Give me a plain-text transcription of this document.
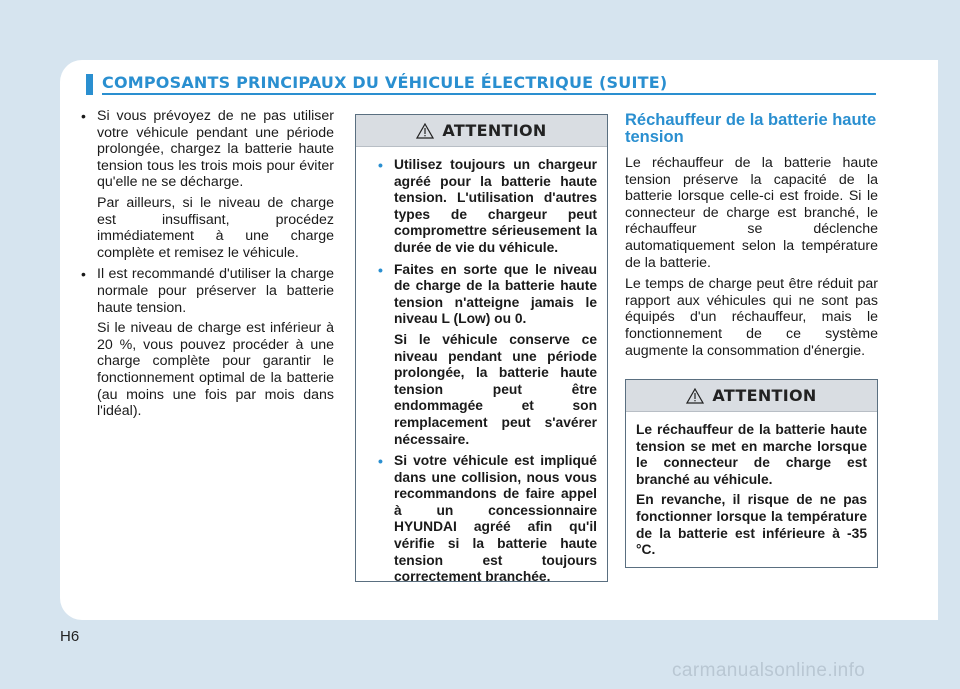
COMPOSANTS PRINCIPAUX DU VÉHICULE ÉLECTRIQUE (SUITE)
• Si vous prévoyez de ne pas utiliser votre véhicule pendant une période prolongée, chargez la batterie haute tension tous les trois mois pour éviter qu'elle ne se décharge.

Par ailleurs, si le niveau de charge est insuffisant, procédez immédiatement à une charge complète et remisez le véhicule.

• Il est recommandé d'utiliser la charge normale pour préserver la batterie haute tension.

Si le niveau de charge est inférieur à 20 %, vous pouvez procéder à une charge complète pour garantir le fonctionnement optimal de la batterie (au moins une fois par mois dans l'idéal).

ATTENTION
• Utilisez toujours un chargeur agréé pour la batterie haute tension. L'utilisation d'autres types de chargeur peut compromettre sérieusement la durée de vie du véhicule.

• Faites en sorte que le niveau de charge de la batterie haute tension n'atteigne jamais le niveau L (Low) ou 0.

Si le véhicule conserve ce niveau pendant une période prolongée, la batterie haute tension peut être endommagée et son remplacement peut s'avérer nécessaire.

• Si votre véhicule est impliqué dans une collision, nous vous recommandons de faire appel à un concessionnaire HYUNDAI agréé afin qu'il vérifie si la batterie haute tension est toujours correctement branchée.

Réchauffeur de la batterie haute tension

Le réchauffeur de la batterie haute tension préserve la capacité de la batterie lorsque celle-ci est froide. Si le connecteur de charge est branché, le réchauffeur se déclenche automatiquement selon la température de la batterie.

Le temps de charge peut être réduit par rapport aux véhicules qui ne sont pas équipés d'un réchauffeur, mais le fonctionnement de ce système augmente la consommation d'énergie.

ATTENTION

Le réchauffeur de la batterie haute tension se met en marche lorsque le connecteur de charge est branché au véhicule.

En revanche, il risque de ne pas fonctionner lorsque la température de la batterie est inférieure à -35 °C.

H6
carmanualsonline.info
